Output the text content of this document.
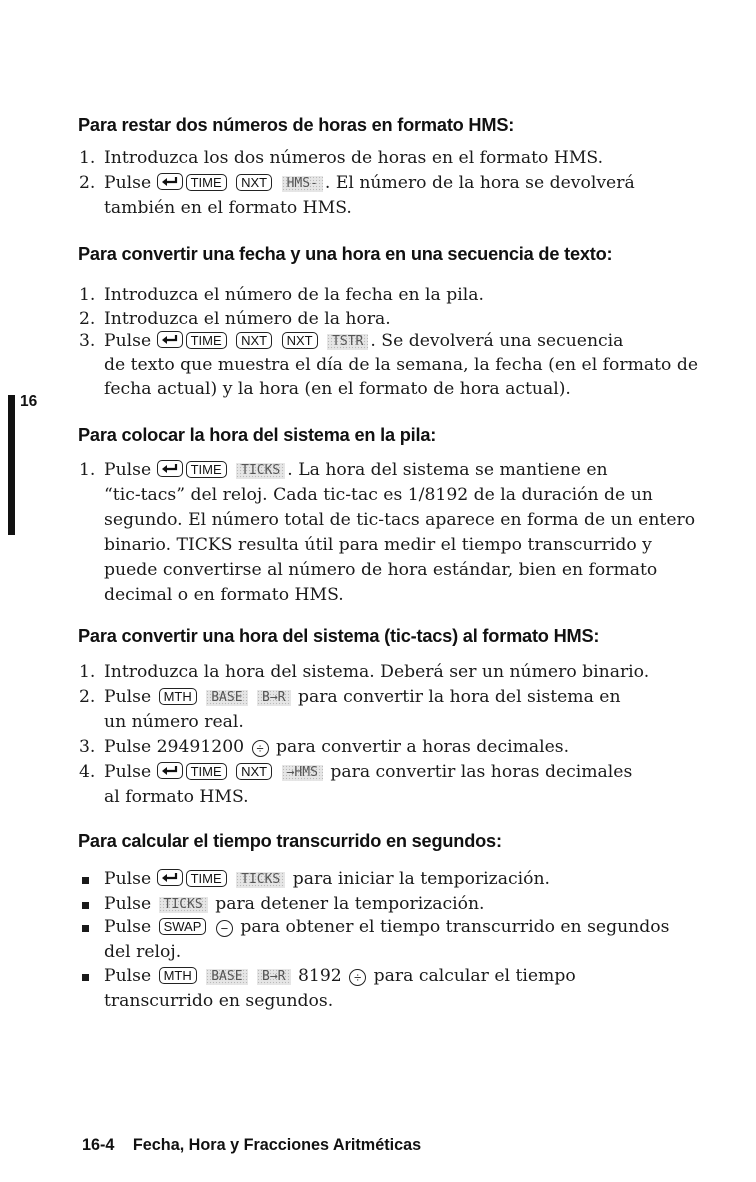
16

Para restar dos números de horas en formato HMS:
1. Introduzca los dos números de horas en el formato HMS.
2. Pulse	TIME NXT HMS- . El número de la hora se devolverá
también en el formato HMS.
Para convertir una fecha y una hora en una secuencia de texto:
1. Introduzca el número de la fecha en la pila.
2. Introduzca el número de la hora.
3. Pulse	TIME NXT NXT TSTR . Se devolverá una secuencia
de texto que muestra el día de la semana, la fecha (en el formato de
fecha actual) y la hora (en el formato de hora actual).
Para colocar la hora del sistema en la pila:
1. Pulse	TIME TICKS . La hora del sistema se mantiene en
“tic-tacs” del reloj. Cada tic-tac es 1/8192 de la duración de un
segundo. El número total de tic-tacs aparece en forma de un entero
binario. TICKS resulta útil para medir el tiempo transcurrido y
puede convertirse al número de hora estándar, bien en formato
decimal o en formato HMS.
Para convertir una hora del sistema (tic-tacs) al formato HMS:
1. Introduzca la hora del sistema. Deberá ser un número binario.
2. Pulse MTH BASE B→R para convertir la hora del sistema en
un número real.
3. Pulse 29491200 ÷ para convertir a horas decimales.
4. Pulse	TIME NXT →HMS para convertir las horas decimales
al formato HMS.
Para calcular el tiempo transcurrido en segundos:
Pulse	TIME TICKS para iniciar la temporización.
Pulse TICKS para detener la temporización.
Pulse SWAP − para obtener el tiempo transcurrido en segundos
del reloj.
Pulse MTH BASE B→R 8192 ÷ para calcular el tiempo
transcurrido en segundos.
16-4 Fecha, Hora y Fracciones Aritméticas
